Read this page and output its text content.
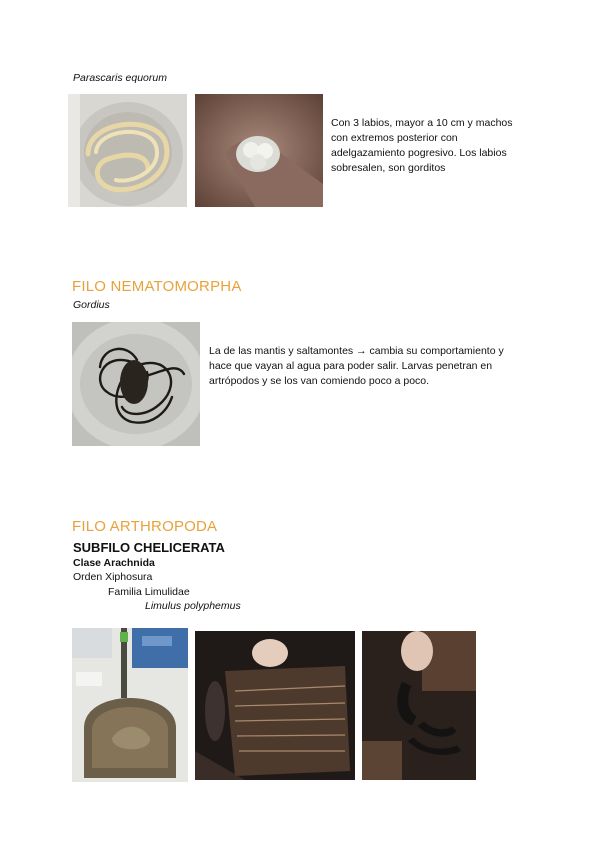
Parascaris equorum
Con 3 labios, mayor a 10 cm y machos con extremos posterior con adelgazamiento pogresivo. Los labios sobresalen, son gorditos
FILO NEMATOMORPHA
Gordius
La de las mantis y saltamontes → cambia su comportamiento y hace que vayan al agua para poder salir. Larvas penetran en artrópodos y se los van comiendo poco a poco.
FILO ARTHROPODA
SUBFILO CHELICERATA
Clase Arachnida
Orden Xiphosura
Familia Limulidae
Limulus polyphemus
